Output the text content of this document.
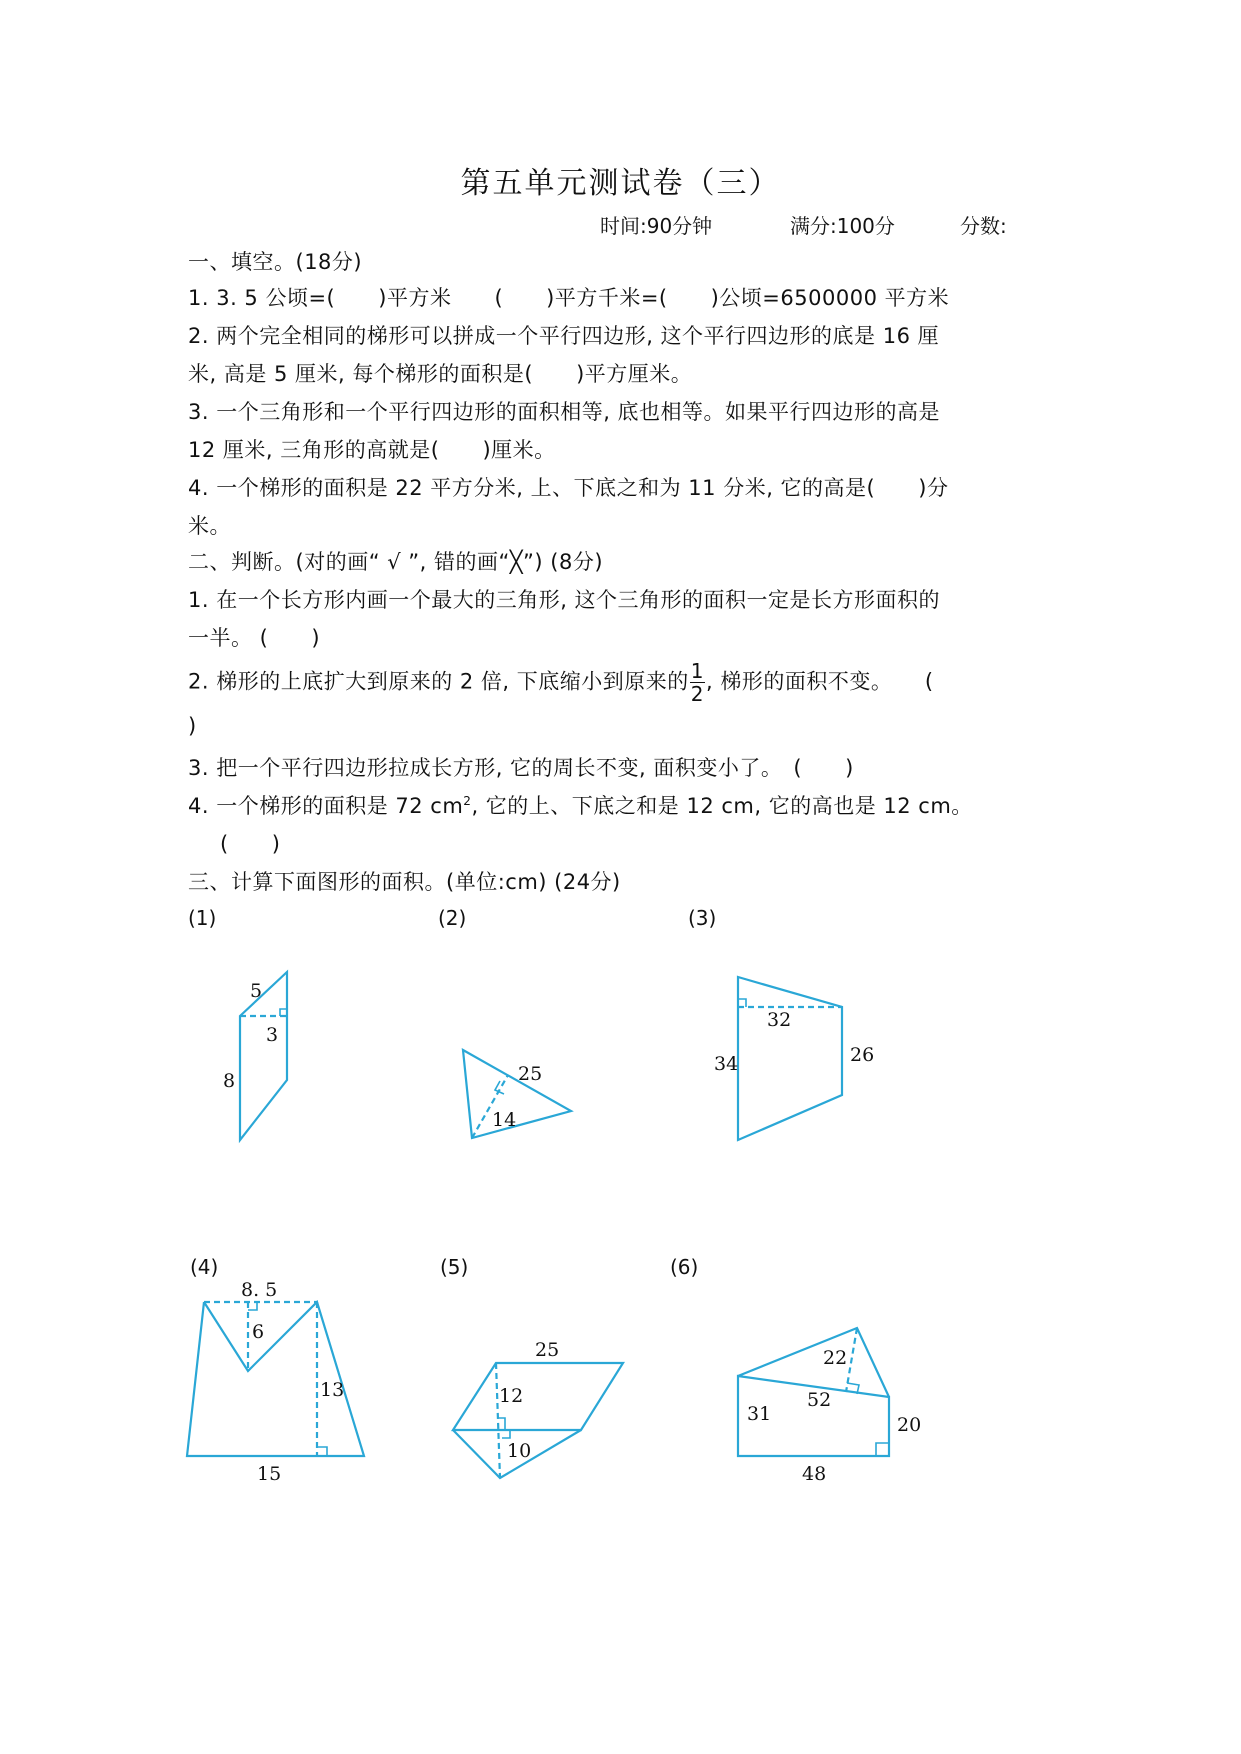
第五单元测试卷（三）
时间:90分钟	满分:100分	分数:
一、填空。(18分)
1. 3. 5 公顷=(　　)平方米　　(　　)平方千米=(　　)公顷=6500000 平方米
2. 两个完全相同的梯形可以拼成一个平行四边形, 这个平行四边形的底是 16 厘
米, 高是 5 厘米, 每个梯形的面积是(　　)平方厘米。
3. 一个三角形和一个平行四边形的面积相等, 底也相等。如果平行四边形的高是
12 厘米, 三角形的高就是(　　)厘米。
4. 一个梯形的面积是 22 平方分米, 上、下底之和为 11 分米, 它的高是(　　)分
米。
二、判断。(对的画“ √ ”, 错的画“╳”) (8分)
1. 在一个长方形内画一个最大的三角形, 这个三角形的面积一定是长方形面积的
一半。 (　　)
2. 梯形的上底扩大到原来的 2 倍, 下底缩小到原来的 $\frac{1}{2}$ , 梯形的面积不变。　　(
)
3. 把一个平行四边形拉成长方形, 它的周长不变, 面积变小了。　(　　)
4. 一个梯形的面积是 72 $cm^2$, 它的上、下底之和是 12 cm, 它的高也是 12 cm。
(　　)
三、计算下面图形的面积。(单位:cm) (24分)
(1)	(2)	(3)
(4)	(5)	(6)
5
3
8	25
14
32
34	26
8. 5
6
13
15
25
12
10
22
52
31	20
48
